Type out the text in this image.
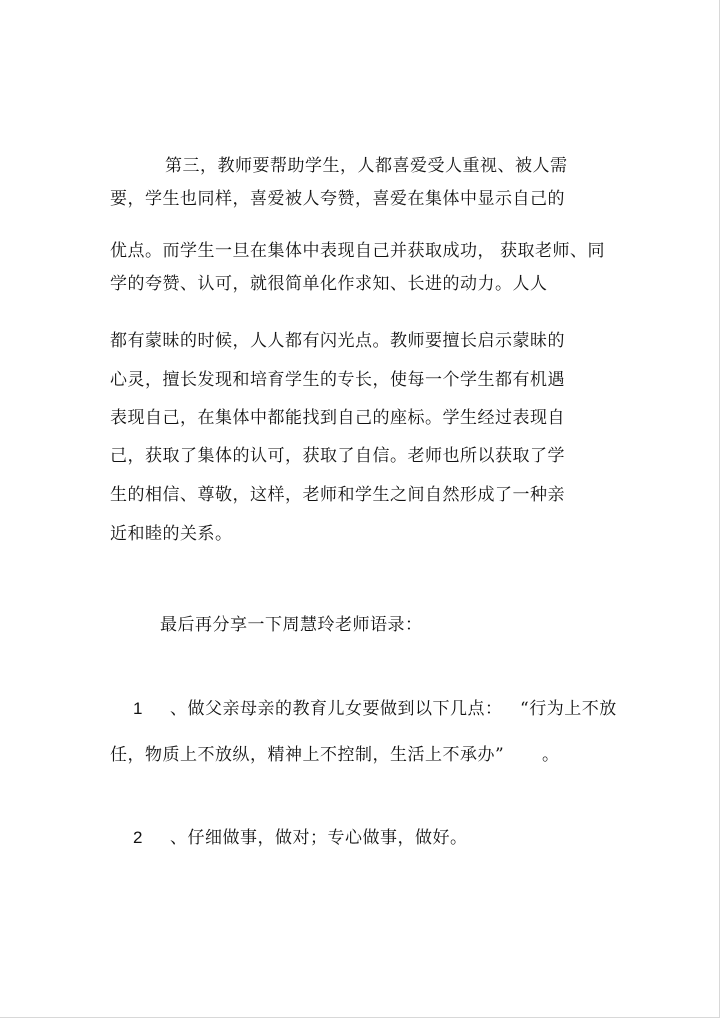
第三，教师要帮助学生，人都喜爱受人重视、被人需
要，学生也同样，喜爱被人夸赞，喜爱在集体中显示自己的
优点。而学生一旦在集体中表现自己并获取成功， 获取老师、同
学的夸赞、认可，就很简单化作求知、长进的动力。人人
都有蒙昧的时候，人人都有闪光点。教师要擅长启示蒙昧的
心灵，擅长发现和培育学生的专长，使每一个学生都有机遇
表现自己，在集体中都能找到自己的座标。学生经过表现自
己，获取了集体的认可，获取了自信。老师也所以获取了学
生的相信、尊敬，这样，老师和学生之间自然形成了一种亲
近和睦的关系。
最后再分享一下周慧玲老师语录：
1 、做父亲母亲的教育儿女要做到以下几点： “行为上不放
任，物质上不放纵，精神上不控制，生活上不承办” 。
2 、仔细做事，做对；专心做事，做好。
